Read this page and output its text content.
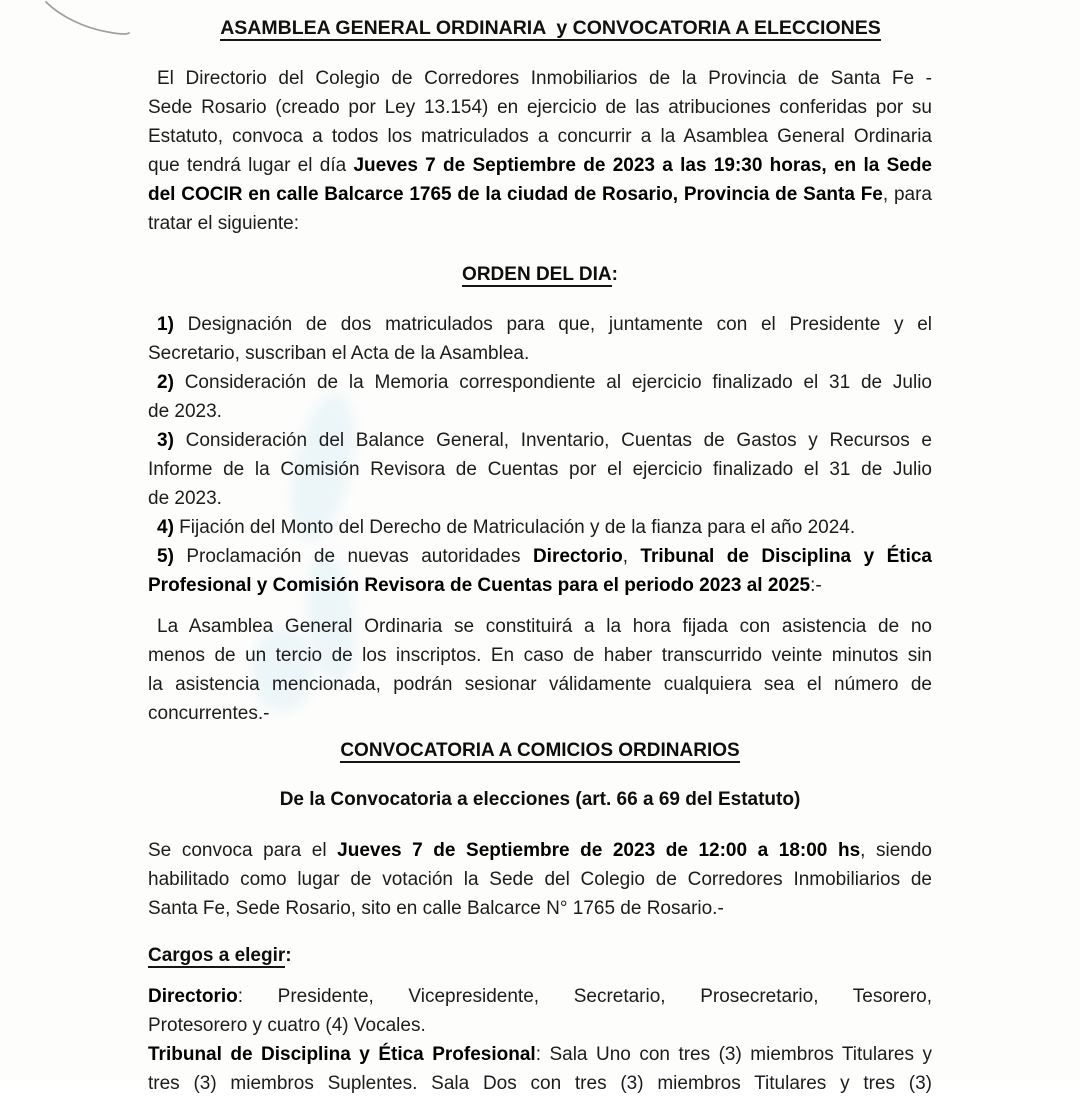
ASAMBLEA GENERAL ORDINARIA  y CONVOCATORIA A ELECCIONES

El Directorio del Colegio de Corredores Inmobiliarios de la Provincia de Santa Fe -
Sede Rosario (creado por Ley 13.154) en ejercicio de las atribuciones conferidas por su
Estatuto, convoca a todos los matriculados a concurrir a la Asamblea General Ordinaria
que tendrá lugar el día Jueves 7 de Septiembre de 2023 a las 19:30 horas, en la Sede
del COCIR en calle Balcarce 1765 de la ciudad de Rosario, Provincia de Santa Fe, para
tratar el siguiente:
ORDEN DEL DIA:
1) Designación de dos matriculados para que, juntamente con el Presidente y el
Secretario, suscriban el Acta de la Asamblea.
2) Consideración de la Memoria correspondiente al ejercicio finalizado el 31 de Julio
de 2023.
3) Consideración del Balance General, Inventario, Cuentas de Gastos y Recursos e
Informe de la Comisión Revisora de Cuentas por el ejercicio finalizado el 31 de Julio
de 2023.
4) Fijación del Monto del Derecho de Matriculación y de la fianza para el año 2024.
5) Proclamación de nuevas autoridades Directorio, Tribunal de Disciplina y Ética
Profesional y Comisión Revisora de Cuentas para el periodo 2023 al 2025:-
La Asamblea General Ordinaria se constituirá a la hora fijada con asistencia de no
menos de un tercio de los inscriptos. En caso de haber transcurrido veinte minutos sin
la asistencia mencionada, podrán sesionar válidamente cualquiera sea el número de
concurrentes.-
CONVOCATORIA A COMICIOS ORDINARIOS
De la Convocatoria a elecciones (art. 66 a 69 del Estatuto)
Se convoca para el Jueves 7 de Septiembre de 2023 de 12:00 a 18:00 hs, siendo
habilitado como lugar de votación la Sede del Colegio de Corredores Inmobiliarios de
Santa Fe, Sede Rosario, sito en calle Balcarce N° 1765 de Rosario.-
Cargos a elegir:
Directorio: Presidente, Vicepresidente, Secretario, Prosecretario, Tesorero,
Protesorero y cuatro (4) Vocales.
Tribunal de Disciplina y Ética Profesional: Sala Uno con tres (3) miembros Titulares y
tres (3) miembros Suplentes. Sala Dos con tres (3) miembros Titulares y tres (3)
